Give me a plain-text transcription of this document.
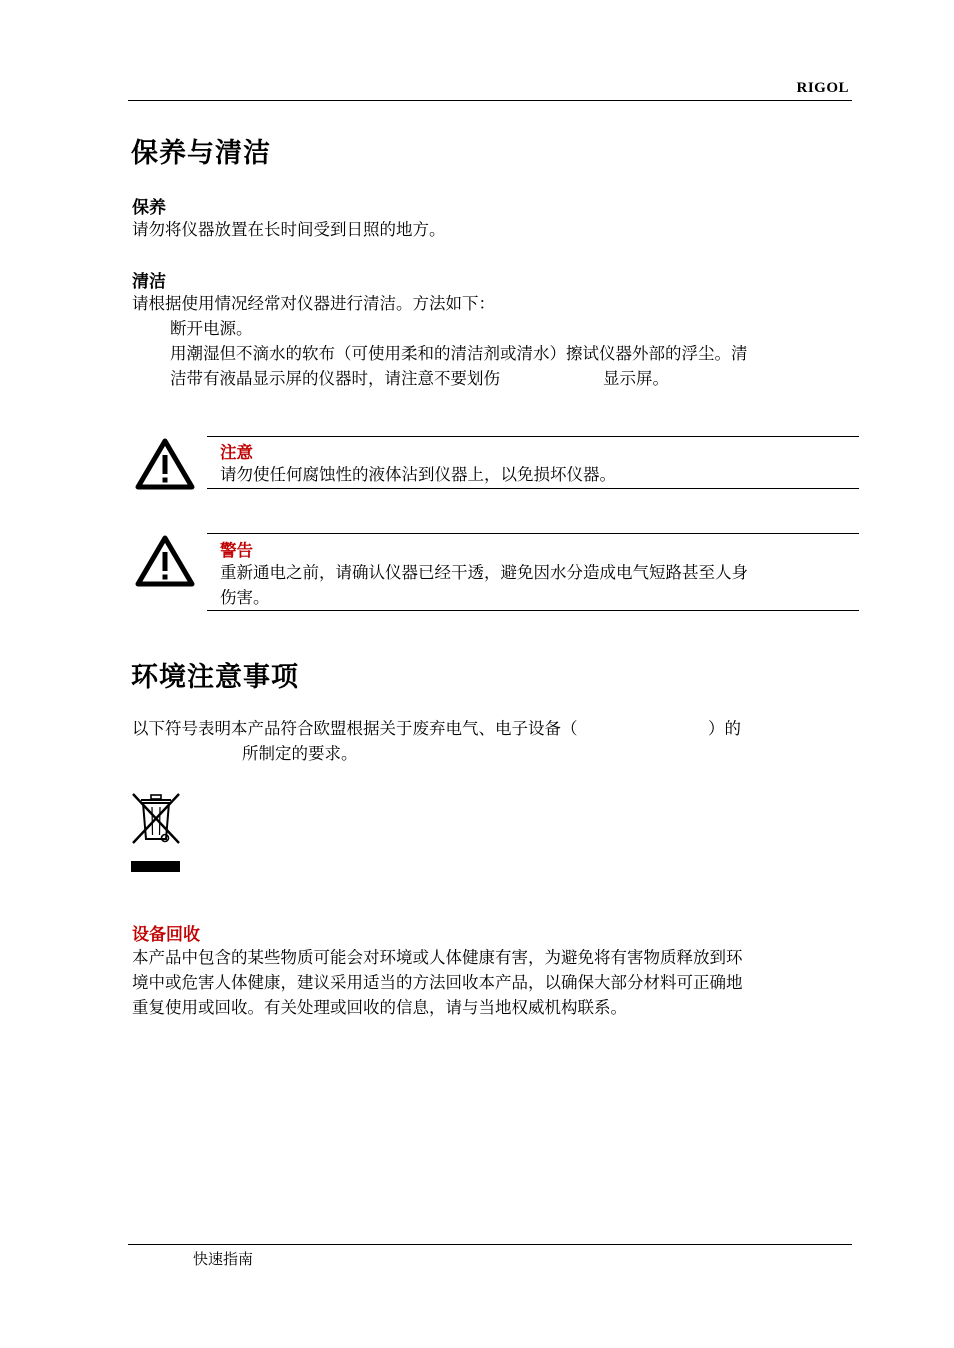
RIGOL
保养与清洁
保养
请勿将仪器放置在长时间受到日照的地方。
清洁
请根据使用情况经常对仪器进行清洁。方法如下：
断开电源。
用潮湿但不滴水的软布（可使用柔和的清洁剂或清水）擦试仪器外部的浮尘。清
洁带有液晶显示屏的仪器时，请注意不要划伤	显示屏。
注意
请勿使任何腐蚀性的液体沾到仪器上，以免损坏仪器。
警告
重新通电之前，请确认仪器已经干透，避免因水分造成电气短路甚至人身
伤害。
环境注意事项
以下符号表明本产品符合欧盟根据关于废弃电气、电子设备（	）的
所制定的要求。
设备回收
本产品中包含的某些物质可能会对环境或人体健康有害，为避免将有害物质释放到环
境中或危害人体健康，建议采用适当的方法回收本产品，以确保大部分材料可正确地
重复使用或回收。有关处理或回收的信息，请与当地权威机构联系。
快速指南
